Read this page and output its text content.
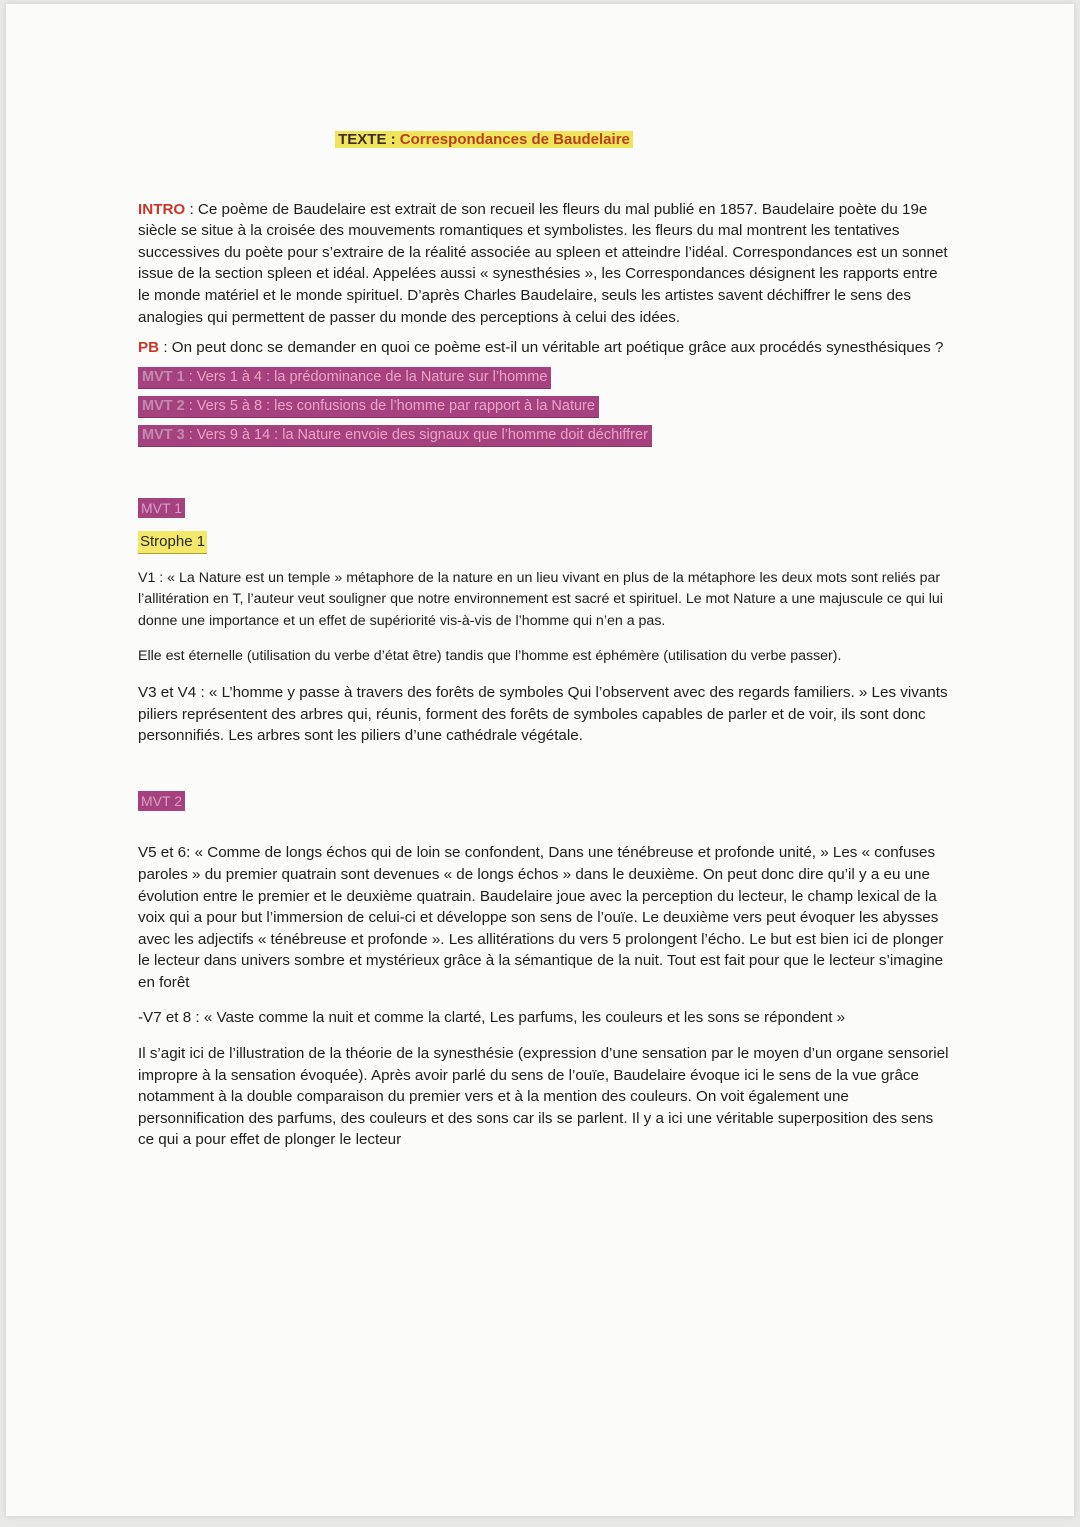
TEXTE : Correspondances de Baudelaire

INTRO : Ce poème de Baudelaire est extrait de son recueil les fleurs du mal publié en 1857. Baudelaire poète du 19e siècle se situe à la croisée des mouvements romantiques et symbolistes. les fleurs du mal montrent les tentatives successives du poète pour s’extraire de la réalité associée au spleen et atteindre l’idéal. Correspondances est un sonnet issue de la section spleen et idéal. Appelées aussi « synesthésies », les Correspondances désignent les rapports entre le monde matériel et le monde spirituel. D’après Charles Baudelaire, seuls les artistes savent déchiffrer le sens des analogies qui permettent de passer du monde des perceptions à celui des idées.

PB : On peut donc se demander en quoi ce poème est-il un véritable art poétique grâce aux procédés synesthésiques ?

MVT 1 : Vers 1 à 4 : la prédominance de la Nature sur l’homme
MVT 2 : Vers 5 à 8 : les confusions de l’homme par rapport à la Nature
MVT 3 : Vers 9 à 14 : la Nature envoie des signaux que l’homme doit déchiffrer
MVT 1
Strophe 1

V1 : « La Nature est un temple » métaphore de la nature en un lieu vivant en plus de la métaphore les deux mots sont reliés par l’allitération en T, l’auteur veut souligner que notre environnement est sacré et spirituel. Le mot Nature a une majuscule ce qui lui donne une importance et un effet de supériorité vis-à-vis de l’homme qui n’en a pas.

Elle est éternelle (utilisation du verbe d’état être) tandis que l’homme est éphémère (utilisation du verbe passer).

V3 et V4 : « L’homme y passe à travers des forêts de symboles Qui l’observent avec des regards familiers. » Les vivants piliers représentent des arbres qui, réunis, forment des forêts de symboles capables de parler et de voir, ils sont donc personnifiés. Les arbres sont les piliers d’une cathédrale végétale.

MVT 2

V5 et 6: « Comme de longs échos qui de loin se confondent, Dans une ténébreuse et profonde unité, » Les « confuses paroles » du premier quatrain sont devenues « de longs échos » dans le deuxième. On peut donc dire qu’il y a eu une évolution entre le premier et le deuxième quatrain. Baudelaire joue avec la perception du lecteur, le champ lexical de la voix qui a pour but l’immersion de celui-ci et développe son sens de l’ouïe. Le deuxième vers peut évoquer les abysses avec les adjectifs « ténébreuse et profonde ». Les allitérations du vers 5 prolongent l’écho. Le but est bien ici de plonger le lecteur dans univers sombre et mystérieux grâce à la sémantique de la nuit. Tout est fait pour que le lecteur s’imagine en forêt

-V7 et 8 : « Vaste comme la nuit et comme la clarté, Les parfums, les couleurs et les sons se répondent »

Il s’agit ici de l’illustration de la théorie de la synesthésie (expression d’une sensation par le moyen d’un organe sensoriel impropre à la sensation évoquée). Après avoir parlé du sens de l’ouïe, Baudelaire évoque ici le sens de la vue grâce notamment à la double comparaison du premier vers et à la mention des couleurs. On voit également une personnification des parfums, des couleurs et des sons car ils se parlent. Il y a ici une véritable superposition des sens ce qui a pour effet de plonger le lecteur
